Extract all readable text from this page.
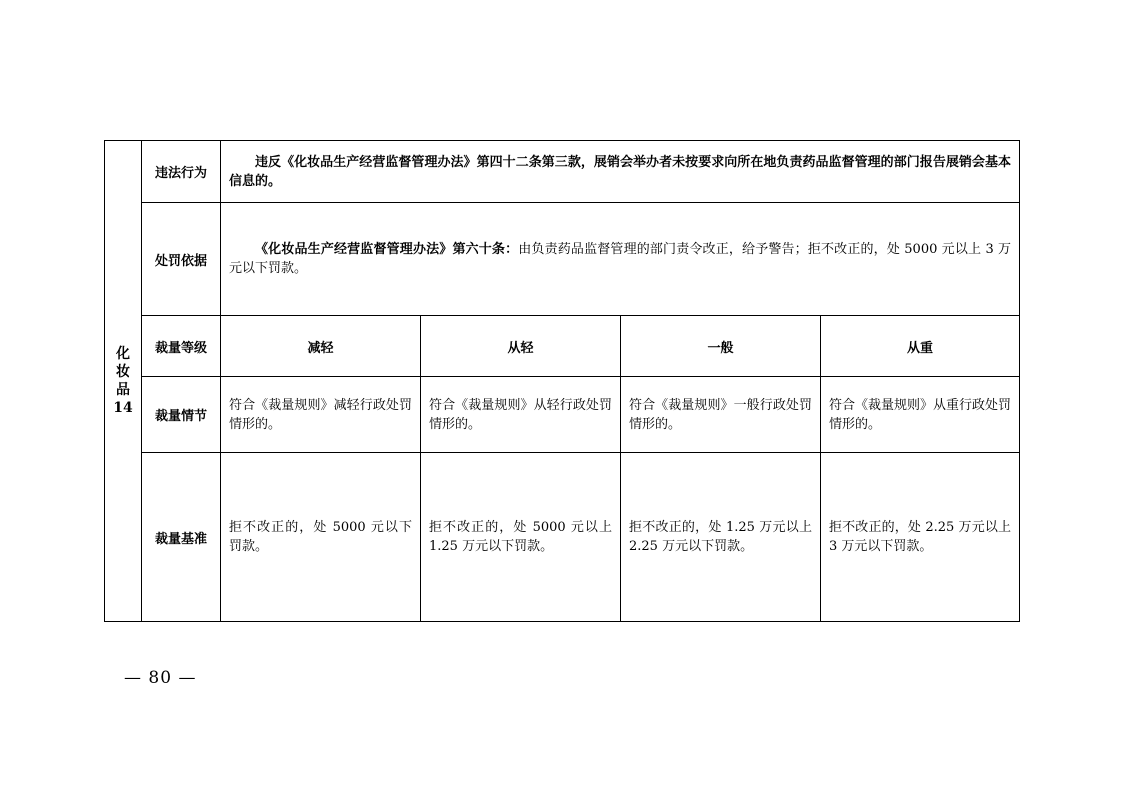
化
妆
品
14	违法行为	违反《化妆品生产经营监督管理办法》第四十二条第三款，展销会举办者未按要求向所在地负责药品监督管理的部门报告展销会基本信息的。			
	处罚依据	《化妆品生产经营监督管理办法》第六十条：由负责药品监督管理的部门责令改正，给予警告；拒不改正的，处 5000 元以上 3 万元以下罚款。			
	裁量等级	减轻	从轻	一般	从重
	裁量情节	符合《裁量规则》减轻行政处罚情形的。	符合《裁量规则》从轻行政处罚情形的。	符合《裁量规则》一般行政处罚情形的。	符合《裁量规则》从重行政处罚情形的。
	裁量基准	拒不改正的，处 5000 元以下罚款。	拒不改正的，处 5000 元以上 1.25 万元以下罚款。	拒不改正的，处 1.25 万元以上 2.25 万元以下罚款。	拒不改正的，处 2.25 万元以上 3 万元以下罚款。
— 80 —
